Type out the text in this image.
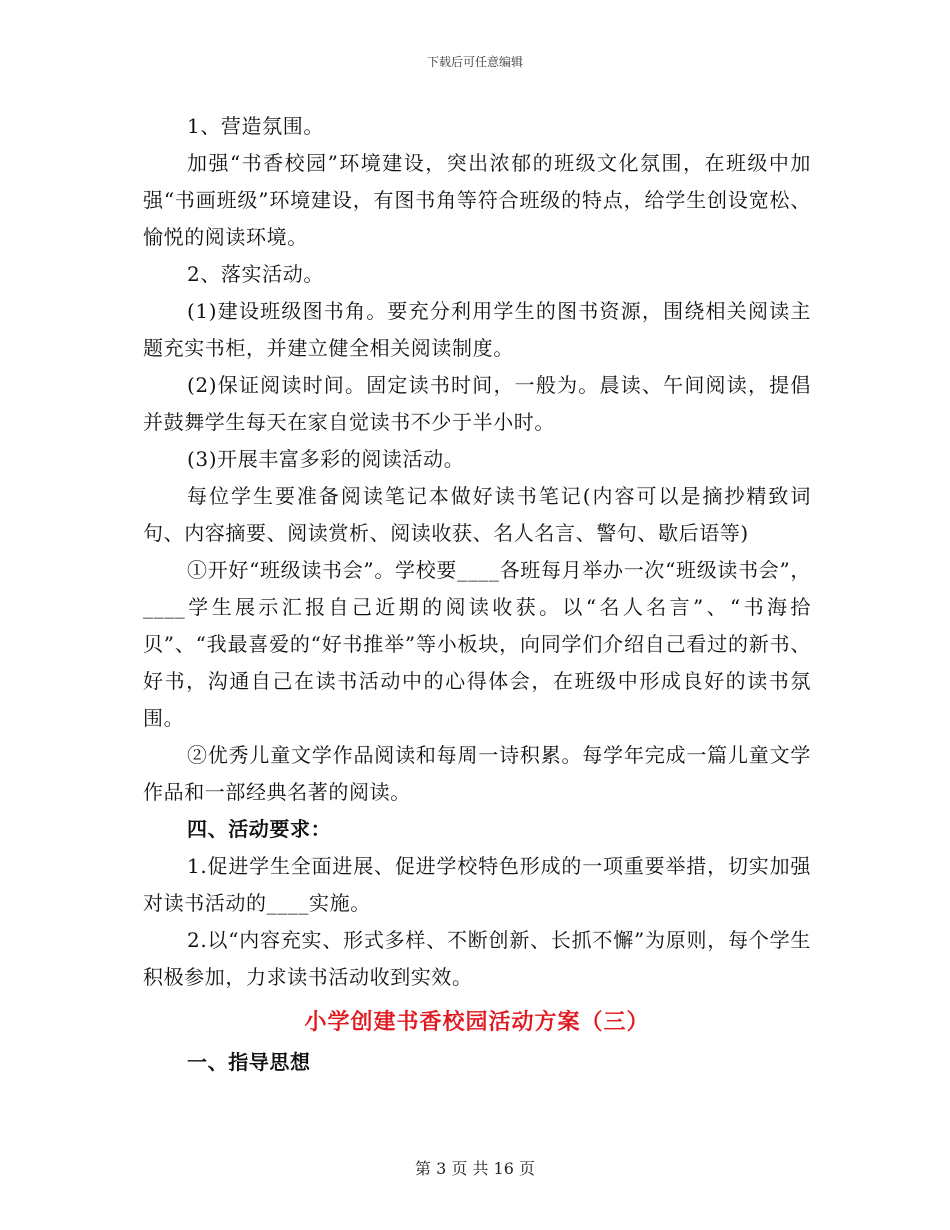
下载后可任意编辑

1、营造氛围。

加强“书香校园”环境建设，突出浓郁的班级文化氛围，在班级中加强“书画班级”环境建设，有图书角等符合班级的特点，给学生创设宽松、愉悦的阅读环境。

2、落实活动。

(1)建设班级图书角。要充分利用学生的图书资源，围绕相关阅读主题充实书柜，并建立健全相关阅读制度。

(2)保证阅读时间。固定读书时间，一般为。晨读、午间阅读，提倡并鼓舞学生每天在家自觉读书不少于半小时。

(3)开展丰富多彩的阅读活动。

每位学生要准备阅读笔记本做好读书笔记(内容可以是摘抄精致词句、内容摘要、阅读赏析、阅读收获、名人名言、警句、歇后语等)

①开好“班级读书会”。学校要____各班每月举办一次“班级读书会”，____学生展示汇报自己近期的阅读收获。以“名人名言”、“书海拾贝”、“我最喜爱的“好书推举”等小板块，向同学们介绍自己看过的新书、好书，沟通自己在读书活动中的心得体会，在班级中形成良好的读书氛围。

②优秀儿童文学作品阅读和每周一诗积累。每学年完成一篇儿童文学作品和一部经典名著的阅读。

四、活动要求：

1.促进学生全面进展、促进学校特色形成的一项重要举措，切实加强对读书活动的____实施。

2.以“内容充实、形式多样、不断创新、长抓不懈”为原则，每个学生积极参加，力求读书活动收到实效。

小学创建书香校园活动方案（三）

一、指导思想

第 3 页 共 16 页
